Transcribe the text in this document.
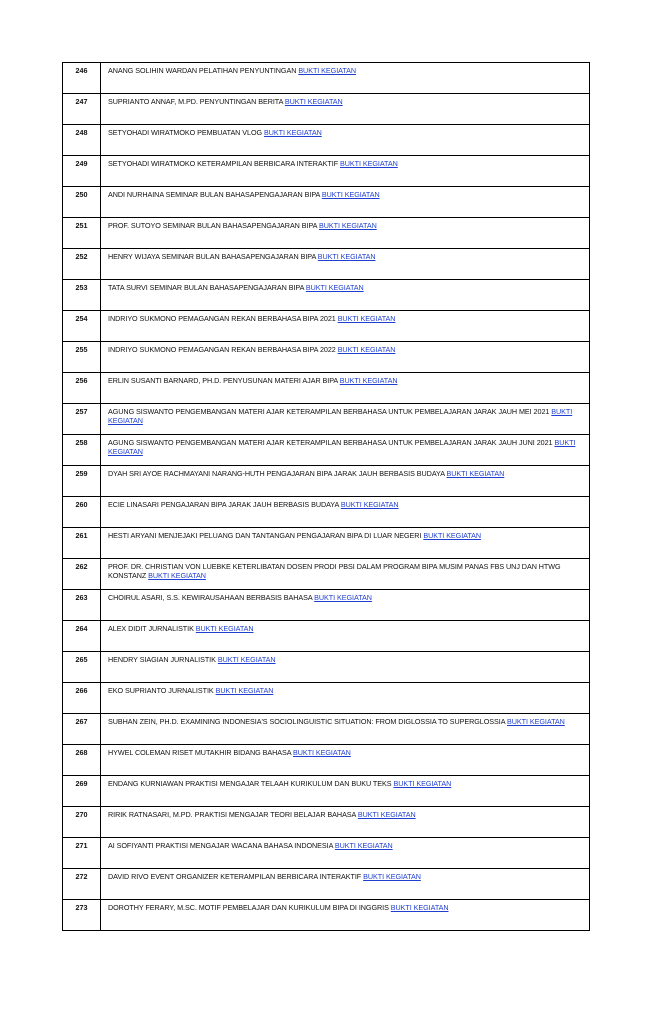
246	ANANG SOLIHIN WARDAN PELATIHAN PENYUNTINGAN BUKTI KEGIATAN
247	SUPRIANTO ANNAF, M.PD. PENYUNTINGAN BERITA BUKTI KEGIATAN
248	SETYOHADI WIRATMOKO PEMBUATAN VLOG BUKTI KEGIATAN
249	SETYOHADI WIRATMOKO KETERAMPILAN BERBICARA INTERAKTIF BUKTI KEGIATAN
250	ANDI NURHAINA SEMINAR BULAN BAHASAPENGAJARAN BIPA BUKTI KEGIATAN
251	PROF. SUTOYO SEMINAR BULAN BAHASAPENGAJARAN BIPA BUKTI KEGIATAN
252	HENRY WIJAYA SEMINAR BULAN BAHASAPENGAJARAN BIPA BUKTI KEGIATAN
253	TATA SURVI SEMINAR BULAN BAHASAPENGAJARAN BIPA BUKTI KEGIATAN
254	INDRIYO SUKMONO PEMAGANGAN REKAN BERBAHASA BIPA 2021 BUKTI KEGIATAN
255	INDRIYO SUKMONO PEMAGANGAN REKAN BERBAHASA BIPA 2022 BUKTI KEGIATAN
256	ERLIN SUSANTI BARNARD, PH.D. PENYUSUNAN MATERI AJAR BIPA BUKTI KEGIATAN
257	AGUNG SISWANTO PENGEMBANGAN MATERI AJAR KETERAMPILAN BERBAHASA UNTUK PEMBELAJARAN JARAK JAUH MEI 2021 BUKTI KEGIATAN
258	AGUNG SISWANTO PENGEMBANGAN MATERI AJAR KETERAMPILAN BERBAHASA UNTUK PEMBELAJARAN JARAK JAUH JUNI 2021 BUKTI KEGIATAN
259	DYAH SRI AYOE RACHMAYANI NARANG-HUTH PENGAJARAN BIPA JARAK JAUH BERBASIS BUDAYA BUKTI KEGIATAN
260	ECIE LINASARI PENGAJARAN BIPA JARAK JAUH BERBASIS BUDAYA BUKTI KEGIATAN
261	HESTI ARYANI MENJEJAKI PELUANG DAN TANTANGAN PENGAJARAN BIPA DI LUAR NEGERI BUKTI KEGIATAN
262	PROF. DR. CHRISTIAN VON LUEBKE KETERLIBATAN DOSEN PRODI PBSI DALAM PROGRAM BIPA MUSIM PANAS FBS UNJ DAN HTWG KONSTANZ BUKTI KEGIATAN
263	CHOIRUL ASARI, S.S. KEWIRAUSAHAAN BERBASIS BAHASA BUKTI KEGIATAN
264	ALEX DIDIT JURNALISTIK BUKTI KEGIATAN
265	HENDRY SIAGIAN JURNALISTIK BUKTI KEGIATAN
266	EKO SUPRIANTO JURNALISTIK BUKTI KEGIATAN
267	SUBHAN ZEIN, PH.D. EXAMINING INDONESIA'S SOCIOLINGUISTIC SITUATION: FROM DIGLOSSIA TO SUPERGLOSSIA BUKTI KEGIATAN
268	HYWEL COLEMAN RISET MUTAKHIR BIDANG BAHASA BUKTI KEGIATAN
269	ENDANG KURNIAWAN PRAKTISI MENGAJAR TELAAH KURIKULUM DAN BUKU TEKS BUKTI KEGIATAN
270	RIRIK RATNASARI, M.PD. PRAKTISI MENGAJAR TEORI BELAJAR BAHASA BUKTI KEGIATAN
271	AI SOFIYANTI PRAKTISI MENGAJAR WACANA BAHASA INDONESIA BUKTI KEGIATAN
272	DAVID RIVO EVENT ORGANIZER KETERAMPILAN BERBICARA INTERAKTIF BUKTI KEGIATAN
273	DOROTHY FERARY, M.SC. MOTIF PEMBELAJAR DAN KURIKULUM BIPA DI INGGRIS BUKTI KEGIATAN
